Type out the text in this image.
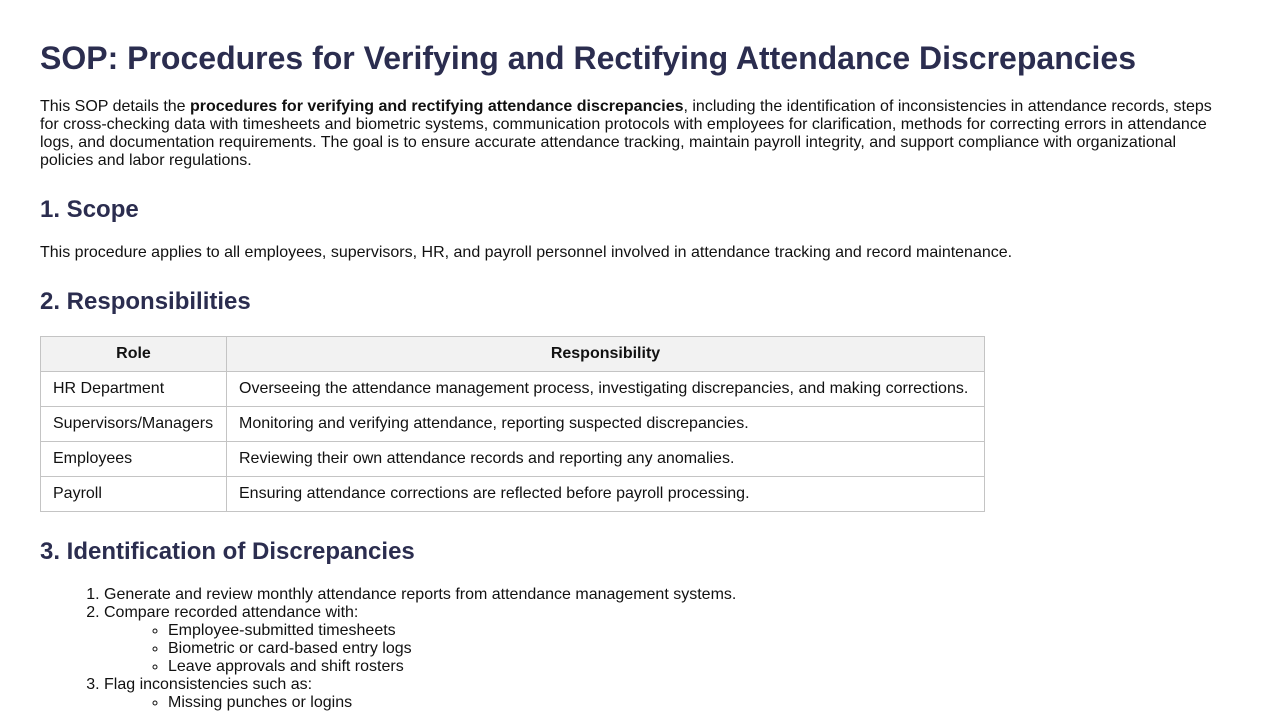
SOP: Procedures for Verifying and Rectifying Attendance Discrepancies

This SOP details the procedures for verifying and rectifying attendance discrepancies, including the identification of inconsistencies in attendance records, steps for cross-checking data with timesheets and biometric systems, communication protocols with employees for clarification, methods for correcting errors in attendance logs, and documentation requirements. The goal is to ensure accurate attendance tracking, maintain payroll integrity, and support compliance with organizational policies and labor regulations.

1. Scope

This procedure applies to all employees, supervisors, HR, and payroll personnel involved in attendance tracking and record maintenance.

2. Responsibilities
Role	Responsibility
HR Department	Overseeing the attendance management process, investigating discrepancies, and making corrections.
Supervisors/Managers	Monitoring and verifying attendance, reporting suspected discrepancies.
Employees	Reviewing their own attendance records and reporting any anomalies.
Payroll	Ensuring attendance corrections are reflected before payroll processing.
3. Identification of Discrepancies
1. Generate and review monthly attendance reports from attendance management systems.
2. Compare recorded attendance with:
◦ Employee-submitted timesheets
◦ Biometric or card-based entry logs
◦ Leave approvals and shift rosters
3. Flag inconsistencies such as:
◦ Missing punches or logins
